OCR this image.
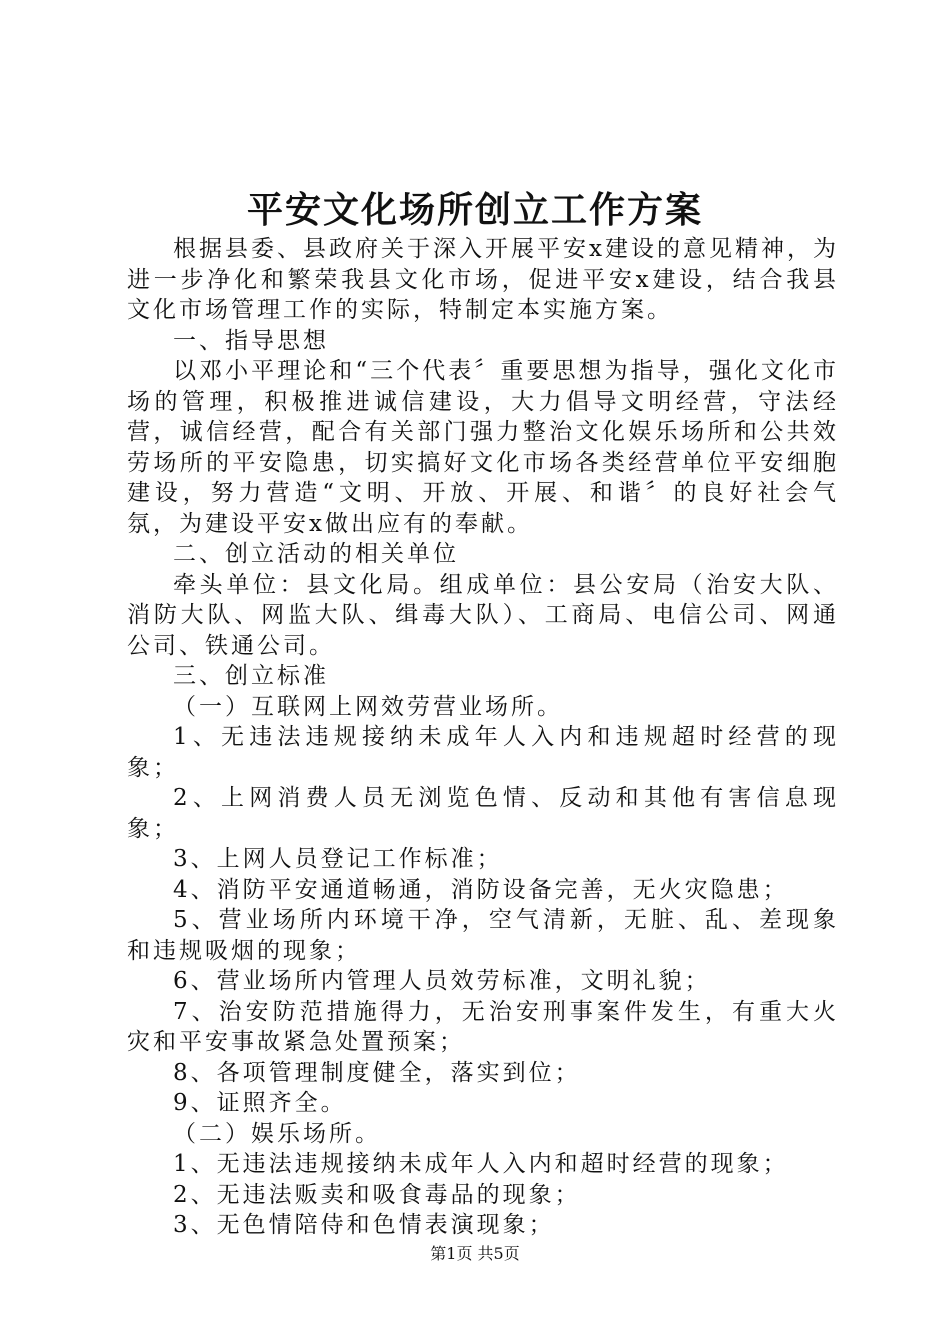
平安文化场所创立工作方案

根据县委、县政府关于深入开展平安x建设的意见精神，为进一步净化和繁荣我县文化市场，促进平安x建设，结合我县文化市场管理工作的实际，特制定本实施方案。

一、指导思想

以邓小平理论和“三个代表〞重要思想为指导，强化文化市场的管理，积极推进诚信建设，大力倡导文明经营，守法经营，诚信经营，配合有关部门强力整治文化娱乐场所和公共效劳场所的平安隐患，切实搞好文化市场各类经营单位平安细胞建设，努力营造“文明、开放、开展、和谐〞的良好社会气氛，为建设平安x做出应有的奉献。

二、创立活动的相关单位

牵头单位：县文化局。组成单位：县公安局（治安大队、消防大队、网监大队、缉毒大队）、工商局、电信公司、网通公司、铁通公司。

三、创立标准

（一）互联网上网效劳营业场所。

1、无违法违规接纳未成年人入内和违规超时经营的现象；

2、上网消费人员无浏览色情、反动和其他有害信息现象；

3、上网人员登记工作标准；

4、消防平安通道畅通，消防设备完善，无火灾隐患；

5、营业场所内环境干净，空气清新，无脏、乱、差现象和违规吸烟的现象；

6、营业场所内管理人员效劳标准，文明礼貌；

7、治安防范措施得力，无治安刑事案件发生，有重大火灾和平安事故紧急处置预案；

8、各项管理制度健全，落实到位；

9、证照齐全。

（二）娱乐场所。

1、无违法违规接纳未成年人入内和超时经营的现象；

2、无违法贩卖和吸食毒品的现象；

3、无色情陪侍和色情表演现象；

第1页 共5页
